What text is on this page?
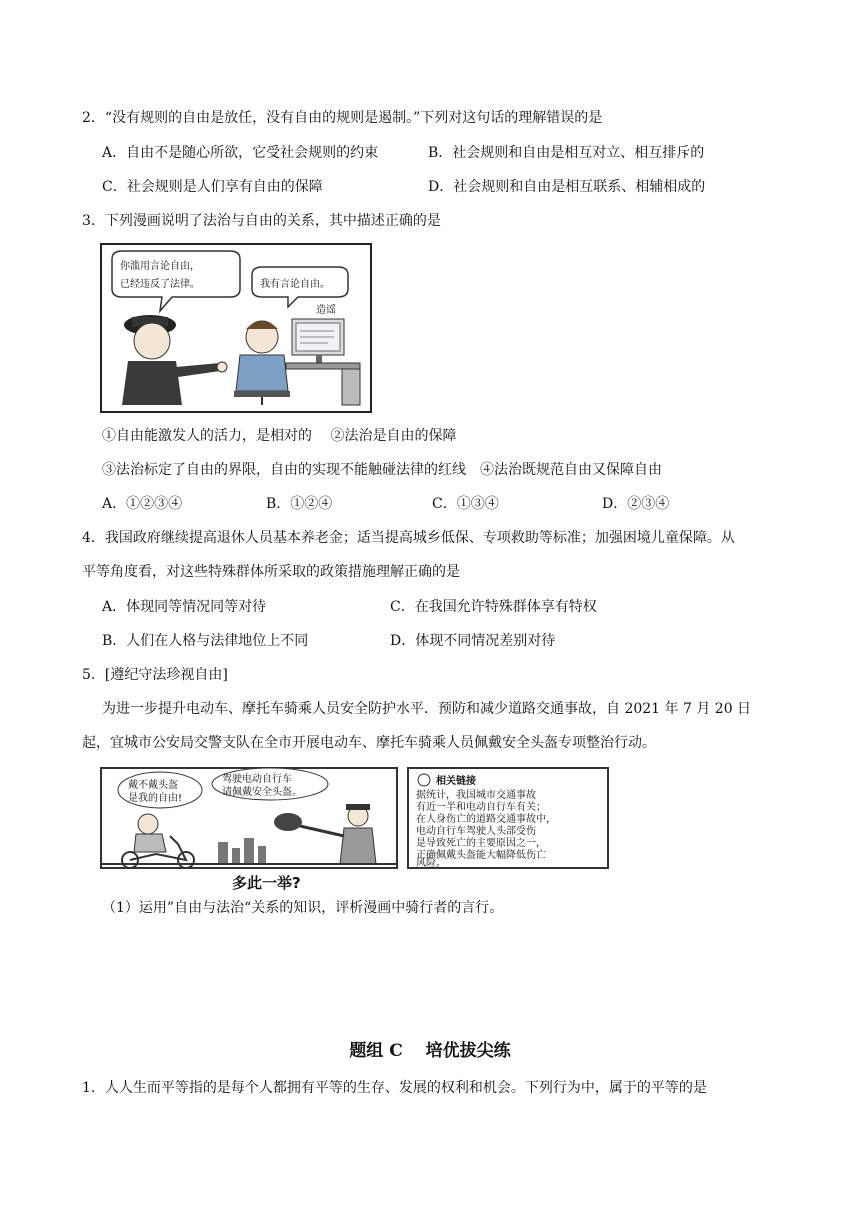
2．“没有规则的自由是放任，没有自由的规则是遏制。”下列对这句话的理解错误的是
A．自由不是随心所欲，它受社会规则的约束	B．社会规则和自由是相互对立、相互排斥的
C．社会规则是人们享有自由的保障	D．社会规则和自由是相互联系、相辅相成的
3．下列漫画说明了法治与自由的关系，其中描述正确的是
你滥用言论自由，
已经违反了法律。	我有言论自由。
造谣
①自由能激发人的活力，是相对的　 ②法治是自由的保障
③法治标定了自由的界限，自由的实现不能触碰法律的红线　④法治既规范自由又保障自由
A．①②③④	B．①②④	C．①③④	D．②③④
4．我国政府继续提高退休人员基本养老金；适当提高城乡低保、专项救助等标准；加强困境儿童保障。从
平等角度看，对这些特殊群体所采取的政策措施理解正确的是
A．体现同等情况同等对待	C．在我国允许特殊群体享有特权
B．人们在人格与法律地位上不同	D．体现不同情况差别对待
5．[遵纪守法珍视自由]
为进一步提升电动车、摩托车骑乘人员安全防护水平．预防和减少道路交通事故，自 2021 年 7 月 20 日
起，宜城市公安局交警支队在全市开展电动车、摩托车骑乘人员佩戴安全头盔专项整治行动。
戴不戴头盔
是我的自由!
驾驶电动自行车
请佩戴安全头盔。
多此一举?
相关链接
据统计，我国城市交通事故
有近一半和电动自行车有关；
在人身伤亡的道路交通事故中，
电动自行车驾驶人头部受伤
是导致死亡的主要原因之一，
正确佩戴头盔能大幅降低伤亡
风险。
（1）运用”自由与法治“关系的知识，评析漫画中骑行者的言行。
题组 C　 培优拔尖练
1．人人生而平等指的是每个人都拥有平等的生存、发展的权利和机会。下列行为中，属于的平等的是
